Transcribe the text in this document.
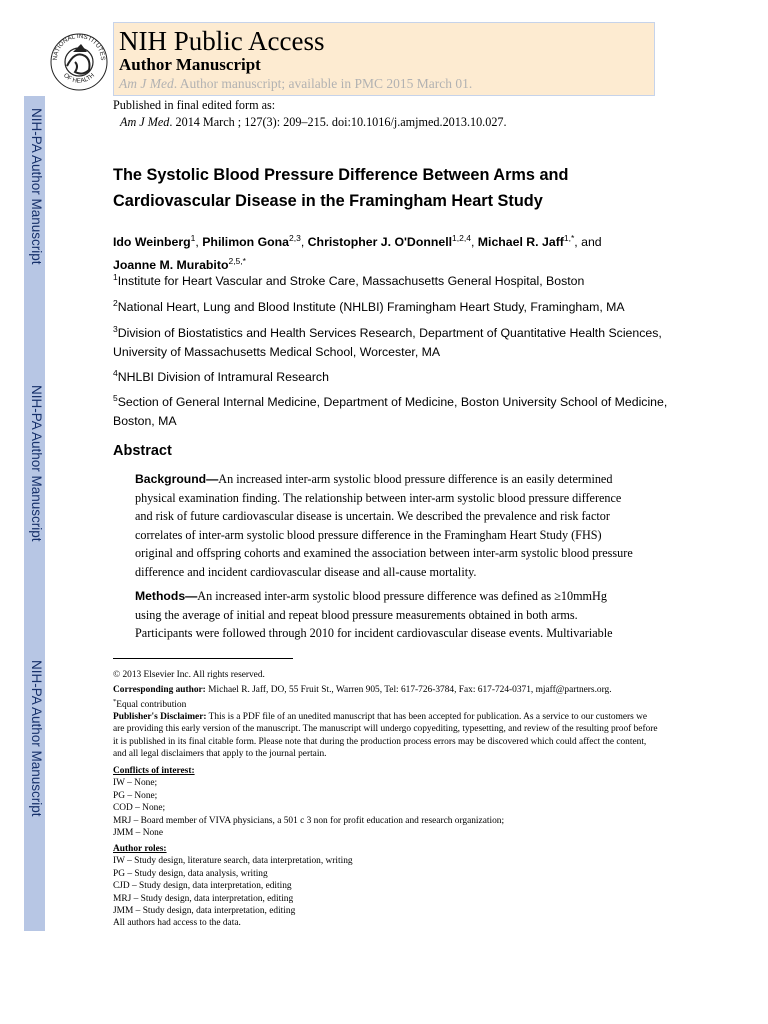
NIH-PA Author Manuscript
NIH-PA Author Manuscript
NIH-PA Author Manuscript
NATIONAL INSTITUTES
OF HEALTH
NIH Public Access
Author Manuscript
Am J Med. Author manuscript; available in PMC 2015 March 01.
Published in final edited form as:
Am J Med. 2014 March ; 127(3): 209–215. doi:10.1016/j.amjmed.2013.10.027.
The Systolic Blood Pressure Difference Between Arms and Cardiovascular Disease in the Framingham Heart Study
Ido Weinberg$^1$, Philimon Gona$^{2,3}$, Christopher J. O'Donnell$^{1,2,4}$, Michael R. Jaff$^{1,*}$, and
Joanne M. Murabito$^{2,5,*}$
$^1$Institute for Heart Vascular and Stroke Care, Massachusetts General Hospital, Boston
$^2$National Heart, Lung and Blood Institute (NHLBI) Framingham Heart Study, Framingham, MA
$^3$Division of Biostatistics and Health Services Research, Department of Quantitative Health Sciences, University of Massachusetts Medical School, Worcester, MA
$^4$NHLBI Division of Intramural Research
$^5$Section of General Internal Medicine, Department of Medicine, Boston University School of Medicine, Boston, MA
Abstract
Background—An increased inter-arm systolic blood pressure difference is an easily determined physical examination finding. The relationship between inter-arm systolic blood pressure difference and risk of future cardiovascular disease is uncertain. We described the prevalence and risk factor correlates of inter-arm systolic blood pressure difference in the Framingham Heart Study (FHS) original and offspring cohorts and examined the association between inter-arm systolic blood pressure difference and incident cardiovascular disease and all-cause mortality.
Methods—An increased inter-arm systolic blood pressure difference was defined as ≥10mmHg using the average of initial and repeat blood pressure measurements obtained in both arms. Participants were followed through 2010 for incident cardiovascular disease events. Multivariable
© 2013 Elsevier Inc. All rights reserved.
Corresponding author: Michael R. Jaff, DO, 55 Fruit St., Warren 905, Tel: 617-726-3784, Fax: 617-724-0371, mjaff@partners.org.
*Equal contribution
Publisher's Disclaimer: This is a PDF file of an unedited manuscript that has been accepted for publication. As a service to our customers we are providing this early version of the manuscript. The manuscript will undergo copyediting, typesetting, and review of the resulting proof before it is published in its final citable form. Please note that during the production process errors may be discovered which could affect the content, and all legal disclaimers that apply to the journal pertain.
Conflicts of interest:
IW – None;
PG – None;
COD – None;
MRJ – Board member of VIVA physicians, a 501 c 3 non for profit education and research organization;
JMM – None
Author roles:
IW – Study design, literature search, data interpretation, writing
PG – Study design, data analysis, writing
CJD – Study design, data interpretation, editing
MRJ – Study design, data interpretation, editing
JMM – Study design, data interpretation, editing
All authors had access to the data.
